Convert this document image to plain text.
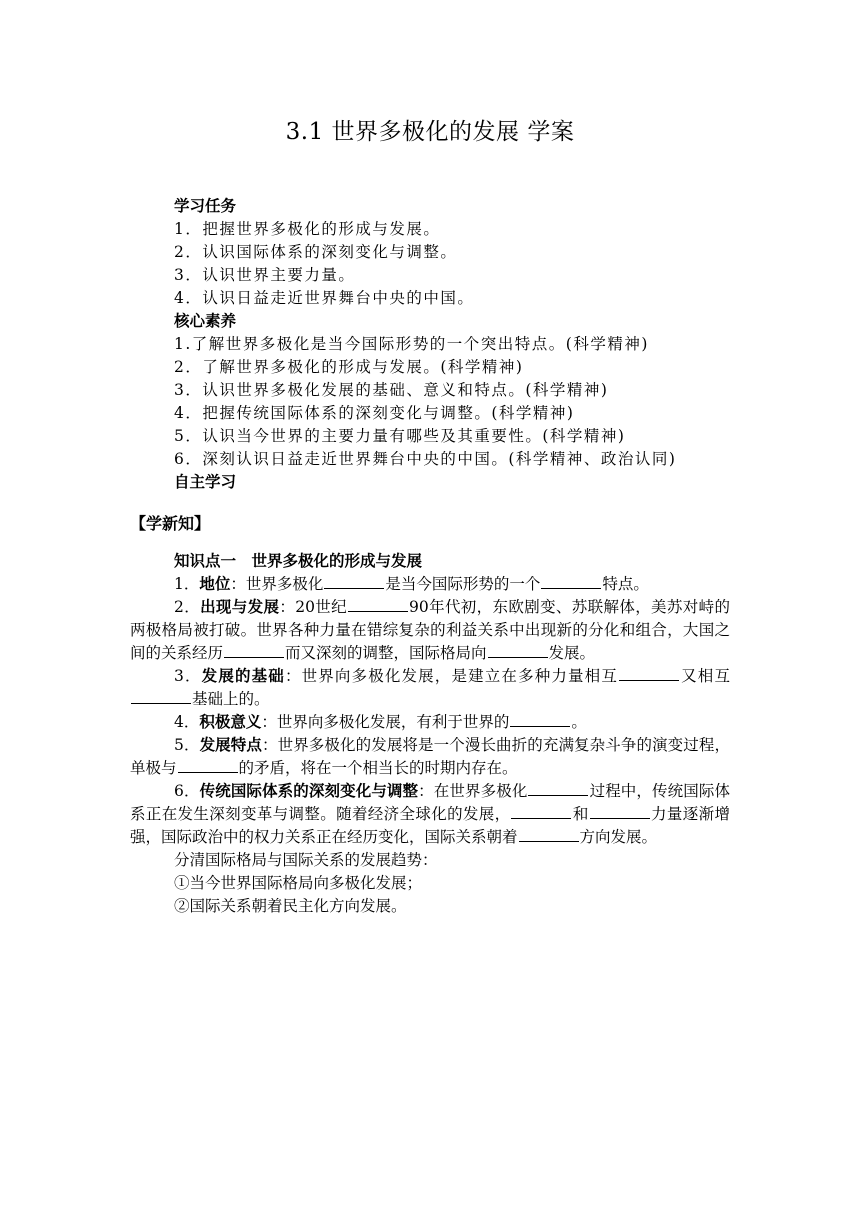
3.1 世界多极化的发展 学案
学习任务
1．把握世界多极化的形成与发展。
2．认识国际体系的深刻变化与调整。
3．认识世界主要力量。
4．认识日益走近世界舞台中央的中国。
核心素养
1.了解世界多极化是当今国际形势的一个突出特点。(科学精神)
2．了解世界多极化的形成与发展。(科学精神)
3．认识世界多极化发展的基础、意义和特点。(科学精神)
4．把握传统国际体系的深刻变化与调整。(科学精神)
5．认识当今世界的主要力量有哪些及其重要性。(科学精神)
6．深刻认识日益走近世界舞台中央的中国。(科学精神、政治认同)
自主学习
【学新知】
知识点一　世界多极化的形成与发展

1．地位：世界多极化	是当今国际形势的一个	特点。

2．出现与发展：20世纪	90年代初，东欧剧变、苏联解体，美苏对峙的两极格局被打破。世界各种力量在错综复杂的利益关系中出现新的分化和组合，大国之间的关系经历	而又深刻的调整，国际格局向	发展。

3．发展的基础：世界向多极化发展，是建立在多种力量相互	又相互基础上的。

4．积极意义：世界向多极化发展，有利于世界的	。

5．发展特点：世界多极化的发展将是一个漫长曲折的充满复杂斗争的演变过程，单极与	的矛盾，将在一个相当长的时期内存在。

6．传统国际体系的深刻变化与调整：在世界多极化	过程中，传统国际体系正在发生深刻变革与调整。随着经济全球化的发展，	和	力量逐渐增强，国际政治中的权力关系正在经历变化，国际关系朝着	方向发展。

分清国际格局与国际关系的发展趋势：
①当今世界国际格局向多极化发展；
②国际关系朝着民主化方向发展。
